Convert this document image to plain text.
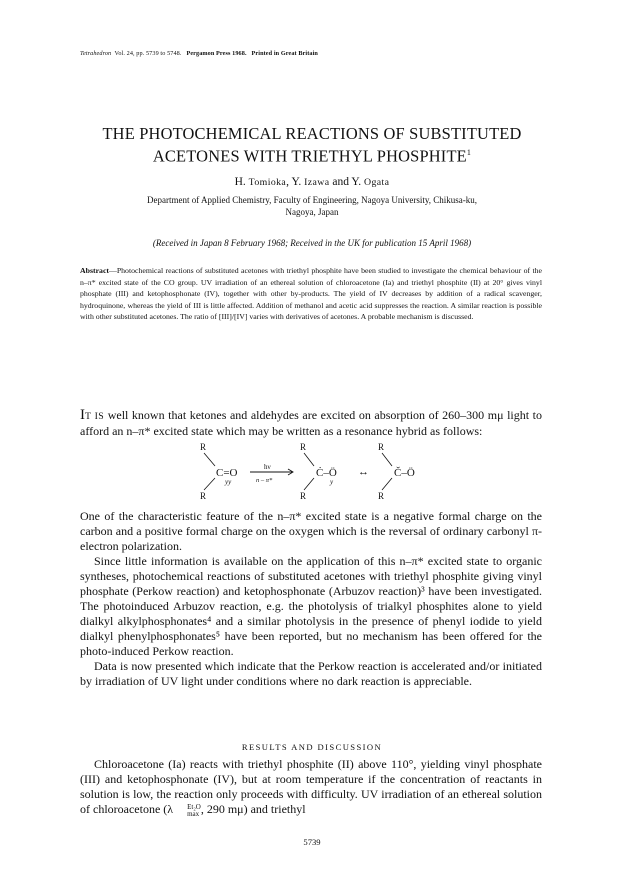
Tetrahedron Vol. 24, pp. 5739 to 5748. Pergamon Press 1968. Printed in Great Britain
THE PHOTOCHEMICAL REACTIONS OF SUBSTITUTED
ACETONES WITH TRIETHYL PHOSPHITE$^1$
H. Tomioka, Y. Izawa and Y. Ogata
Department of Applied Chemistry, Faculty of Engineering, Nagoya University, Chikusa-ku,
Nagoya, Japan
(Received in Japan 8 February 1968; Received in the UK for publication 15 April 1968)
Abstract—Photochemical reactions of substituted acetones with triethyl phosphite have been studied to investigate the chemical behaviour of the n–π* excited state of the CO group. UV irradiation of an ethereal solution of chloroacetone (Ia) and triethyl phosphite (II) at 20° gives vinyl phosphate (III) and ketophosphonate (IV), together with other by-products. The yield of IV decreases by addition of a radical scavenger, hydroquinone, whereas the yield of III is little affected. Addition of methanol and acetic acid suppresses the reaction. A similar reaction is possible with other substituted acetones. The ratio of [III]/[IV] varies with derivatives of acetones. A probable mechanism is discussed.
IT IS well known that ketones and aldehydes are excited on absorption of 260–300 mμ light to afford an n–π* excited state which may be written as a resonance hybrid as follows:
R
R
C=O
yy
hν
n – π*
R
R
Ċ–Ö
y
↔
R
R
Č–Ö
One of the characteristic feature of the n–π* excited state is a negative formal charge on the carbon and a positive formal charge on the oxygen which is the reversal of ordinary carbonyl π-electron polarization.
Since little information is available on the application of this n–π* excited state to organic syntheses, photochemical reactions of substituted acetones with triethyl phosphite giving vinyl phosphate (Perkow reaction) and ketophosphonate (Arbuzov reaction)³ have been investigated. The photoinduced Arbuzov reaction, e.g. the photolysis of trialkyl phosphites alone to yield dialkyl alkylphosphonates⁴ and a similar photolysis in the presence of phenyl iodide to yield dialkyl phenylphosphonates⁵ have been reported, but no mechanism has been offered for the photo-induced Perkow reaction.
Data is now presented which indicate that the Perkow reaction is accelerated and/or initiated by irradiation of UV light under conditions where no dark reaction is appreciable.
RESULTS AND DISCUSSION
Chloroacetone (Ia) reacts with triethyl phosphite (II) above 110°, yielding vinyl phosphate (III) and ketophosphonate (IV), but at room temperature if the concentration of reactants in solution is low, the reaction only proceeds with difficulty. UV irradiation of an ethereal solution of chloroacetone (λ	Et₂O
max , 290 mμ) and triethyl
5739
